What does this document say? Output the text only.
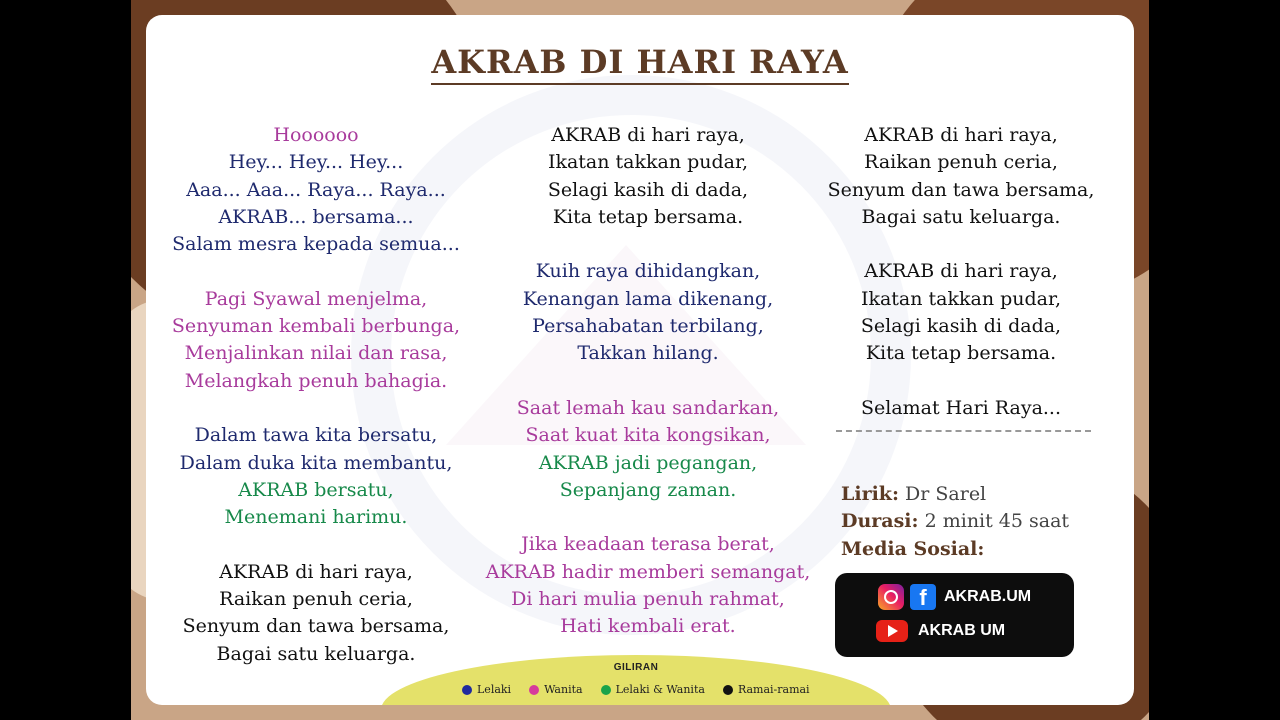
AKRAB DI HARI RAYA
Hoooooo
Hey... Hey... Hey...
Aaa... Aaa... Raya... Raya...
AKRAB... bersama...
Salam mesra kepada semua...
Pagi Syawal menjelma,
Senyuman kembali berbunga,
Menjalinkan nilai dan rasa,
Melangkah penuh bahagia.
Dalam tawa kita bersatu,
Dalam duka kita membantu,
AKRAB bersatu,
Menemani harimu.
AKRAB di hari raya,
Raikan penuh ceria,
Senyum dan tawa bersama,
Bagai satu keluarga.
AKRAB di hari raya,
Ikatan takkan pudar,
Selagi kasih di dada,
Kita tetap bersama.
Kuih raya dihidangkan,
Kenangan lama dikenang,
Persahabatan terbilang,
Takkan hilang.
Saat lemah kau sandarkan,
Saat kuat kita kongsikan,
AKRAB jadi pegangan,
Sepanjang zaman.
Jika keadaan terasa berat,
AKRAB hadir memberi semangat,
Di hari mulia penuh rahmat,
Hati kembali erat.
AKRAB di hari raya,
Raikan penuh ceria,
Senyum dan tawa bersama,
Bagai satu keluarga.
AKRAB di hari raya,
Ikatan takkan pudar,
Selagi kasih di dada,
Kita tetap bersama.
Selamat Hari Raya...
Lirik: Dr Sarel
Durasi: 2 minit 45 saat
Media Sosial:
f	AKRAB.UM
AKRAB UM
GILIRAN
Lelaki	Wanita	Lelaki & Wanita	Ramai-ramai
